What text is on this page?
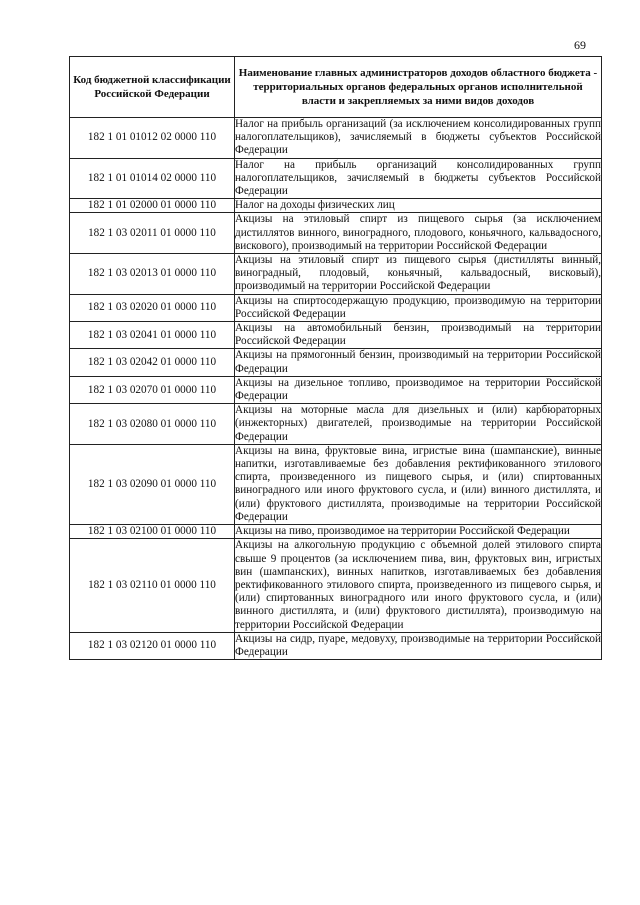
69
Код бюджетной классификации Российской Федерации	Наименование главных администраторов доходов областного бюджета - территориальных органов федеральных органов исполнительной власти и закрепляемых за ними видов доходов
182 1 01 01012 02 0000 110	Налог на прибыль организаций (за исключением консолидированных групп налогоплательщиков), зачисляемый в бюджеты субъектов Российской Федерации
182 1 01 01014 02 0000 110	Налог на прибыль организаций консолидированных групп налогоплательщиков, зачисляемый в бюджеты субъектов Российской Федерации
182 1 01 02000 01 0000 110	Налог на доходы физических лиц
182 1 03 02011 01 0000 110	Акцизы на этиловый спирт из пищевого сырья (за исключением дистиллятов винного, виноградного, плодового, коньячного, кальвадосного, вискового), производимый на территории Российской Федерации
182 1 03 02013 01 0000 110	Акцизы на этиловый спирт из пищевого сырья (дистилляты винный, виноградный, плодовый, коньячный, кальвадосный, висковый), производимый на территории Российской Федерации
182 1 03 02020 01 0000 110	Акцизы на спиртосодержащую продукцию, производимую на территории Российской Федерации
182 1 03 02041 01 0000 110	Акцизы на автомобильный бензин, производимый на территории Российской Федерации
182 1 03 02042 01 0000 110	Акцизы на прямогонный бензин, производимый на территории Российской Федерации
182 1 03 02070 01 0000 110	Акцизы на дизельное топливо, производимое на территории Российской Федерации
182 1 03 02080 01 0000 110	Акцизы на моторные масла для дизельных и (или) карбюраторных (инжекторных) двигателей, производимые на территории Российской Федерации
182 1 03 02090 01 0000 110	Акцизы на вина, фруктовые вина, игристые вина (шампанские), винные напитки, изготавливаемые без добавления ректификованного этилового спирта, произведенного из пищевого сырья, и (или) спиртованных виноградного или иного фруктового сусла, и (или) винного дистиллята, и (или) фруктового дистиллята, производимые на территории Российской Федерации
182 1 03 02100 01 0000 110	Акцизы на пиво, производимое на территории Российской Федерации
182 1 03 02110 01 0000 110	Акцизы на алкогольную продукцию с объемной долей этилового спирта свыше 9 процентов (за исключением пива, вин, фруктовых вин, игристых вин (шампанских), винных напитков, изготавливаемых без добавления ректификованного этилового спирта, произведенного из пищевого сырья, и (или) спиртованных виноградного или иного фруктового сусла, и (или) винного дистиллята, и (или) фруктового дистиллята), производимую на территории Российской Федерации
182 1 03 02120 01 0000 110	Акцизы на сидр, пуаре, медовуху, производимые на территории Российской Федерации
